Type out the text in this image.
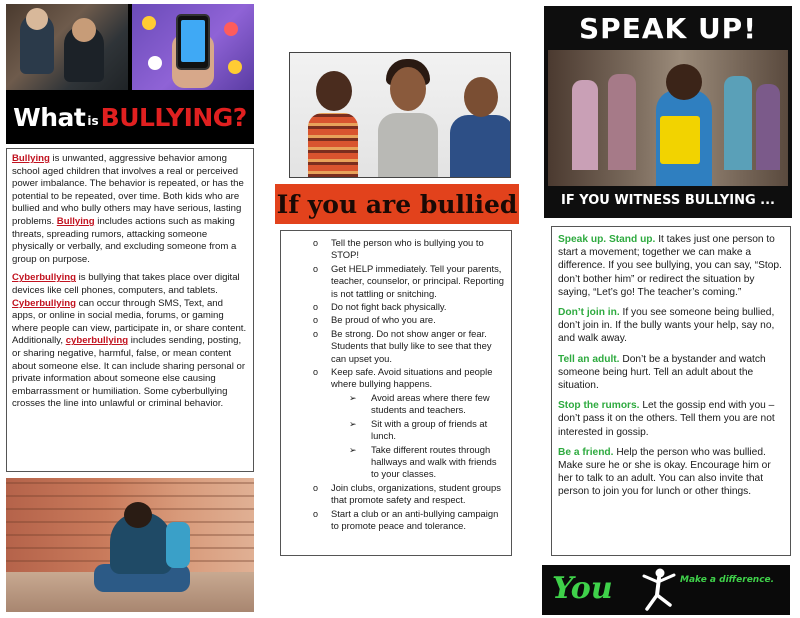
What is BULLYING?

Bullying is unwanted, aggressive behavior among school aged children that involves a real or perceived power imbalance. The behavior is repeated, or has the potential to be repeated, over time. Both kids who are bullied and who bully others may have serious, lasting problems. Bullying includes actions such as making threats, spreading rumors, attacking someone physically or verbally, and excluding someone from a group on purpose.

Cyberbullying is bullying that takes place over digital devices like cell phones, computers, and tablets. Cyberbullying can occur through SMS, Text, and apps, or online in social media, forums, or gaming where people can view, participate in, or share content. Additionally, cyberbullying includes sending, posting, or sharing negative, harmful, false, or mean content about someone else. It can include sharing personal or private information about someone else causing embarrassment or humiliation. Some cyberbullying crosses the line into unlawful or criminal behavior.

If you are bullied
o Tell the person who is bullying you to STOP!
o Get HELP immediately. Tell your parents, teacher, counselor, or principal. Reporting is not tattling or snitching.
o Do not fight back physically.
o Be proud of who you are.
o Be strong. Do not show anger or fear. Students that bully like to see that they can upset you.
o Keep safe. Avoid situations and people where bullying happens.
➢ Avoid areas where there few students and teachers.
➢ Sit with a group of friends at lunch.
➢ Take different routes through hallways and walk with friends to your classes.
o Join clubs, organizations, student groups that promote safety and respect.
o Start a club or an anti-bullying campaign to promote peace and tolerance.
SPEAK UP!
IF YOU WITNESS BULLYING ...

Speak up. Stand up. It takes just one person to start a movement; together we can make a difference. If you see bullying, you can say, “Stop. don’t bother him” or redirect the situation by saying, “Let’s go! The teacher’s coming.”

Don’t join in. If you see someone being bullied, don’t join in. If the bully wants your help, say no, and walk away.

Tell an adult. Don’t be a bystander and watch someone being hurt. Tell an adult about the situation.

Stop the rumors. Let the gossip end with you – don’t pass it on the others. Tell them you are not interested in gossip.

Be a friend. Help the person who was bullied. Make sure he or she is okay. Encourage him or her to talk to an adult. You can also invite that person to join you for lunch or other things.

You	Make a difference.
